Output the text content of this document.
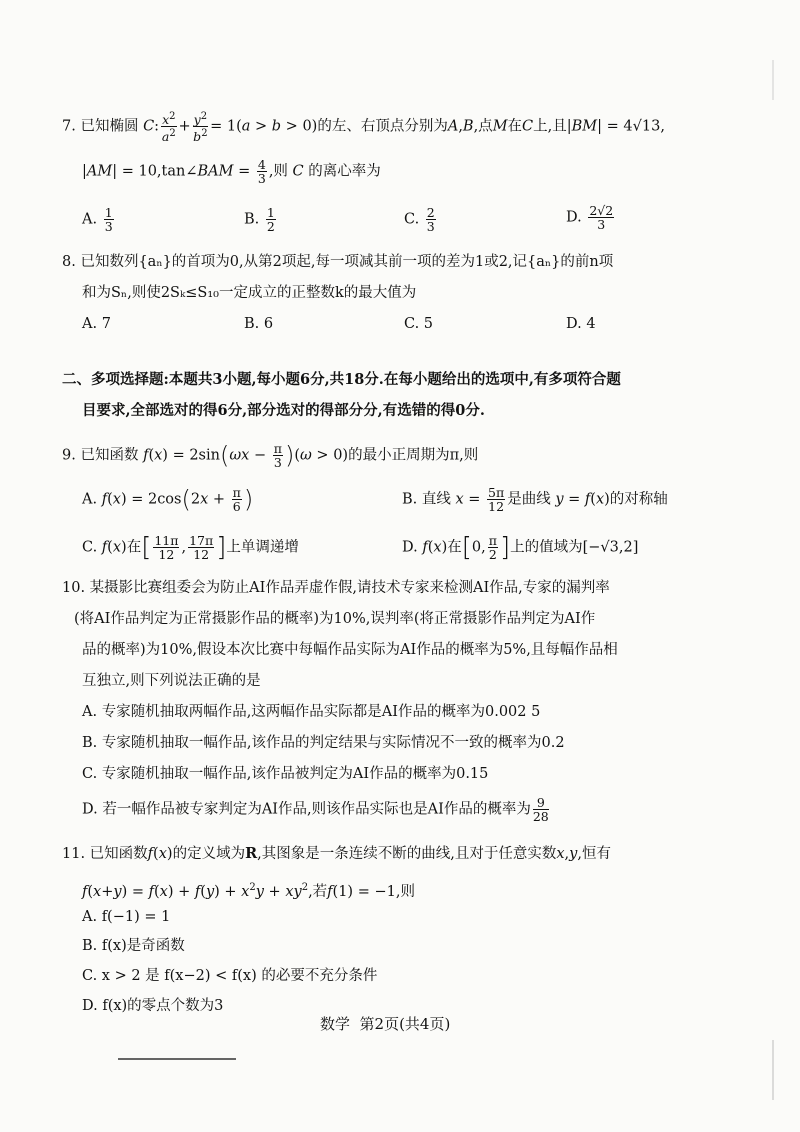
7. 已知椭圆 C: $\frac{x^2}{a^2} + \frac{y^2}{b^2} = 1(a > b > 0)$的左、右顶点分别为A,B,点M在C上,且|BM| = 4√13,
|AM| = 10,tan∠BAM = $\frac{4}{3}$ ,则 C 的离心率为
A. $\frac{1}{3}$	B. $\frac{1}{2}$	C. $\frac{2}{3}$	D. $\frac{2√2}{3}$
8. 已知数列{aₙ}的首项为0,从第2项起,每一项减其前一项的差为1或2,记{aₙ}的前n项
和为Sₙ,则使2Sₖ≤S₁₀一定成立的正整数k的最大值为
A. 7	B. 6	C. 5	D. 4
二、多项选择题:本题共3小题,每小题6分,共18分.在每小题给出的选项中,有多项符合题
目要求,全部选对的得6分,部分选对的得部分分,有选错的得0分.
9. 已知函数 $f(x) = 2\sin(\omega x - \frac{\pi}{3} )(\omega > 0)$的最小正周期为π,则
A. $f(x) = 2\cos(2x + \frac{\pi}{6}$ )	B. 直线 $x = \frac{5\pi}{12}$ 是曲线 y = f(x)的对称轴
C. f(x)在[ $\frac{11\pi}{12}$ , $\frac{17\pi}{12}$ ]上单调递增	D. f(x)在[0, $\frac{\pi}{2}$ ]上的值域为[−√3,2]
10. 某摄影比赛组委会为防止AI作品弄虚作假,请技术专家来检测AI作品,专家的漏判率
(将AI作品判定为正常摄影作品的概率)为10%,误判率(将正常摄影作品判定为AI作
品的概率)为10%,假设本次比赛中每幅作品实际为AI作品的概率为5%,且每幅作品相
互独立,则下列说法正确的是
A. 专家随机抽取两幅作品,这两幅作品实际都是AI作品的概率为0.002 5
B. 专家随机抽取一幅作品,该作品的判定结果与实际情况不一致的概率为0.2
C. 专家随机抽取一幅作品,该作品被判定为AI作品的概率为0.15
D. 若一幅作品被专家判定为AI作品,则该作品实际也是AI作品的概率为 $\frac{9}{28}$
11. 已知函数f(x)的定义域为R,其图象是一条连续不断的曲线,且对于任意实数x,y,恒有
$f(x+y) = f(x) + f(y) + x^2y + xy^2$,若f(1) = −1,则
A. f(−1) = 1
B. f(x)是奇函数
C. x > 2 是 f(x−2) < f(x) 的必要不充分条件
D. f(x)的零点个数为3
数学  第2页(共4页)
